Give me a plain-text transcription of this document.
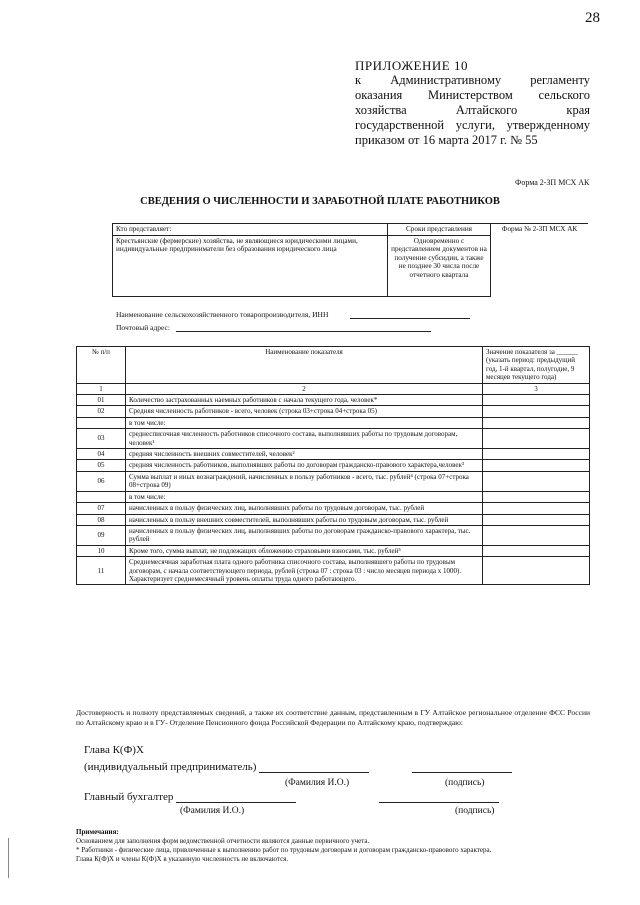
28
ПРИЛОЖЕНИЕ 10
к Административному регламенту
оказания Министерством сельского
хозяйства Алтайского края
государственной услуги, утвержденному
приказом от 16 марта 2017 г. № 55
Форма 2-ЗП МСХ АК
СВЕДЕНИЯ О ЧИСЛЕННОСТИ И ЗАРАБОТНОЙ ПЛАТЕ РАБОТНИКОВ
Кто представляет:	Сроки представления	Форма № 2-ЗП МСХ АК
Крестьянские (фермерские) хозяйства, не являющиеся юридическими лицами, индивидуальные предприниматели без образования юридического лица	Одновременно с представлением документов на получение субсидии, а также не позднее 30 числа после отчетного квартала	
Наименование сельскохозяйственного товаропроизводителя, ИНН
Почтовый адрес:
№ п/п	Наименование показателя	Значение показателя за ______ (указать период: предыдущий год, 1-й квартал, полугодие, 9 месяцев текущего года)
1	2	3
01	Количество застрахованных наемных работников с начала текущего года, человек*	
02	Средняя численность работников - всего, человек (строка 03+строка 04+строка 05)	
	в том числе:	
03	среднесписочная численность работников списочного состава, выполнявших работы по трудовым договорам, человек¹	
04	средняя численность внешних совместителей, человек²	
05	средняя численность работников, выполнявших работы по договорам гражданско-правового характера,человек³	
06	Сумма выплат и иных вознаграждений, начисленных в пользу работников - всего, тыс. рублей⁴ (строка 07+строка 08+строка 09)	
	в том числе:	
07	начисленных в пользу физических лиц, выполнявших работы по трудовым договорам, тыс. рублей	
08	начисленных в пользу внешних совместителей, выполнявших работы по трудовым договорам, тыс. рублей	
09	начисленных в пользу физических лиц, выполнявших работы по договорам гражданско-правового характера, тыс. рублей	
10	Кроме того, сумма выплат, не подлежащих обложению страховыми взносами, тыс. рублей⁵	
11	Среднемесячная заработная плата одного работника списочного состава, выполнявшего работы по трудовым договорам, с начала соответствующего периода, рублей (строка 07 : строка 03 : число месяцев периода х 1000). Характеризует среднемесячный уровень оплаты труда одного работающего.	
Достоверность и полноту представляемых сведений, а также их соответствие данным, представленным в ГУ Алтайское региональное отделение ФСС России по Алтайскому краю и в ГУ- Отделение Пенсионного фонда Российской Федерации по Алтайскому краю, подтверждаю:
Глава К(Ф)Х
(индивидуальный предприниматель)
(Фамилия И.О.)	(подпись)
Главный бухгалтер
(Фамилия И.О.)	(подпись)
Примечания:
Основанием для заполнения форм ведомственной отчетности являются данные первичного учета.
* Работники - физические лица, привлеченные к выполнению работ по трудовым договорам и договорам гражданско-правового характера.
Глава К(Ф)Х и члены К(Ф)Х в указанную численность не включаются.
